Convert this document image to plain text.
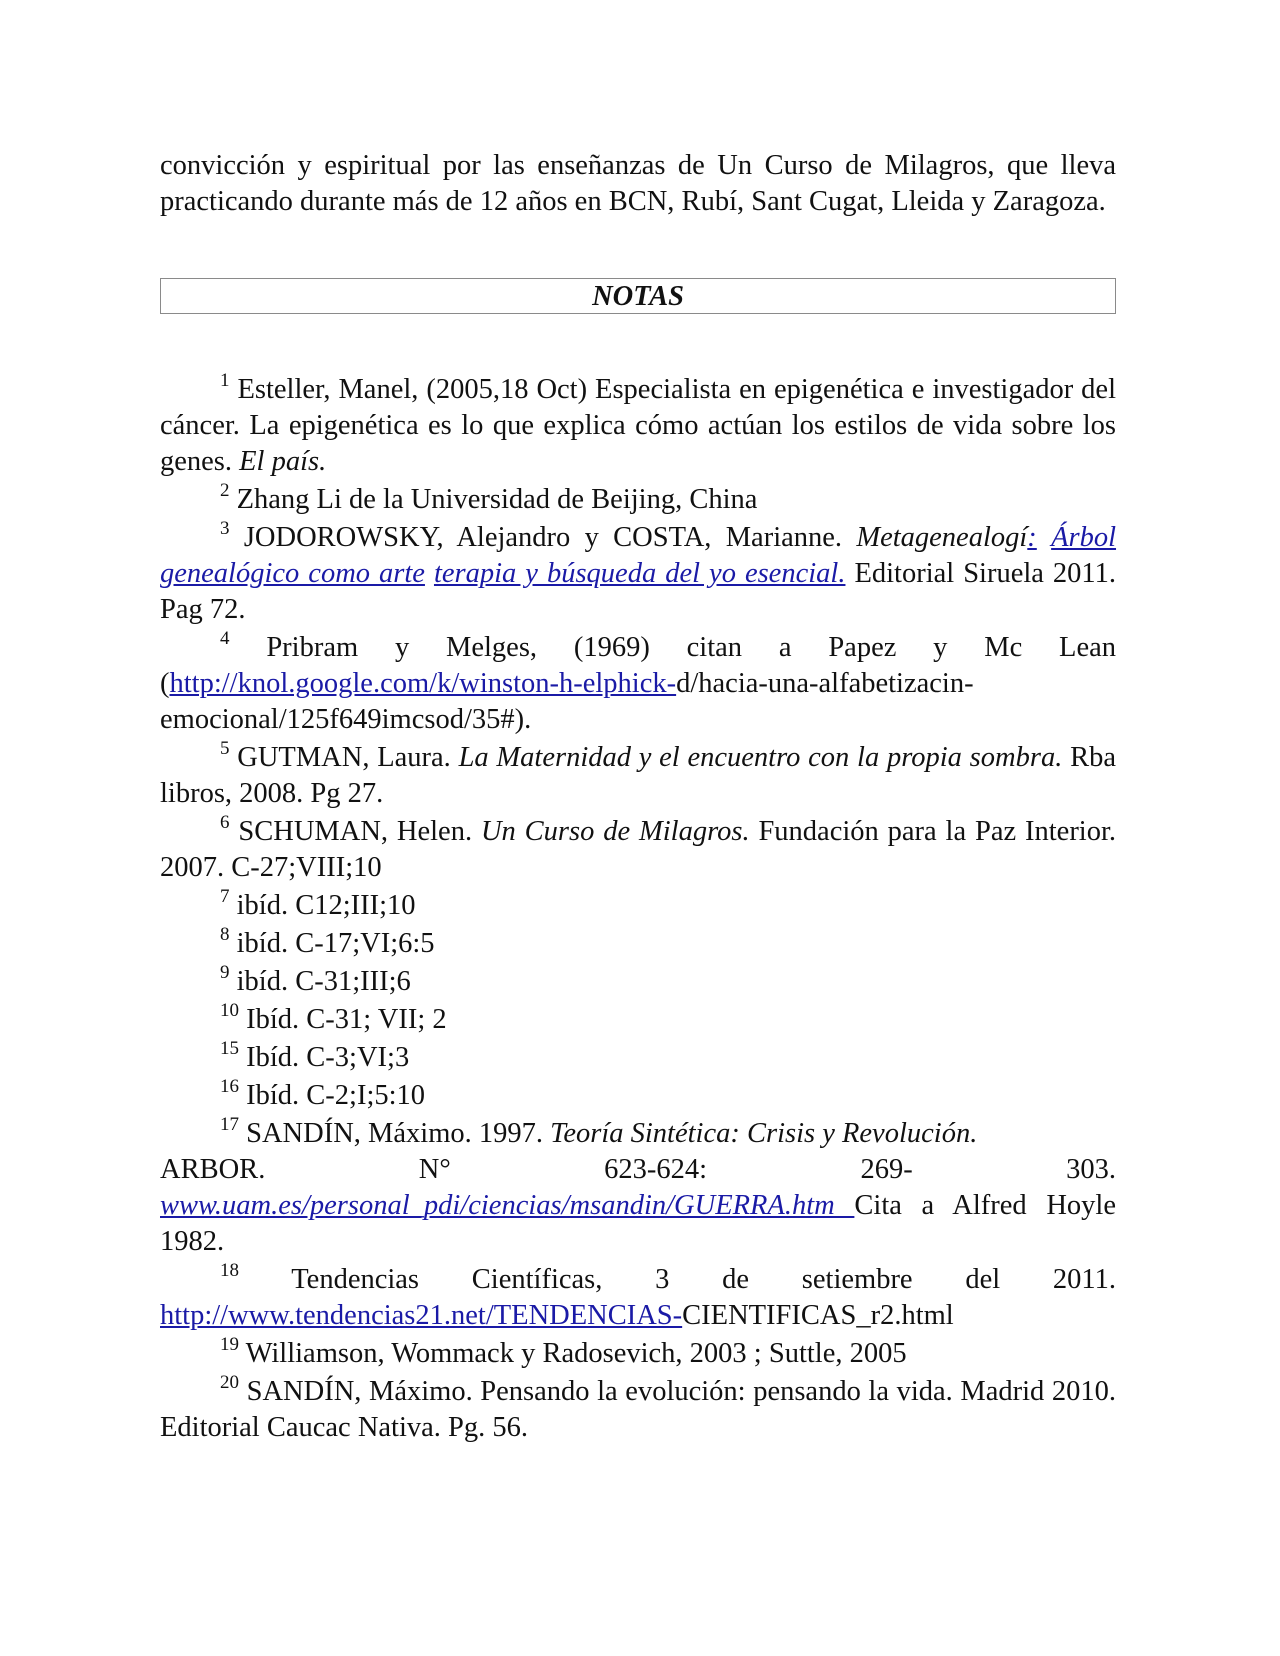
convicción y espiritual por las enseñanzas de Un Curso de Milagros, que lleva practicando durante más de 12 años en BCN, Rubí, Sant Cugat, Lleida y Zaragoza.

NOTAS

$^1$ Esteller, Manel, (2005,18 Oct) Especialista en epigenética e investigador del cáncer. La epigenética es lo que explica cómo actúan los estilos de vida sobre los genes. El país.

$^2$ Zhang Li de la Universidad de Beijing, China

$^3$ JODOROWSKY, Alejandro y COSTA, Marianne. Metagenealogí: Árbol genealógico como arte terapia y búsqueda del yo esencial. Editorial Siruela 2011. Pag 72.

$^4$ Pribram y Melges, (1969) citan a Papez y Mc Lean (http://knol.google.com/k/winston-h-elphick-d/hacia-una-alfabetizacin-emocional/125f649imcsod/35#).

$^5$ GUTMAN, Laura. La Maternidad y el encuentro con la propia sombra. Rba libros, 2008. Pg 27.

$^6$ SCHUMAN, Helen. Un Curso de Milagros. Fundación para la Paz Interior. 2007. C-27;VIII;10

$^7$ ibíd. C12;III;10

$^8$ ibíd. C-17;VI;6:5

$^9$ ibíd. C-31;III;6

$^{10}$ Ibíd. C-31; VII; 2

$^{15}$ Ibíd. C-3;VI;3

$^{16}$ Ibíd. C-2;I;5:10

$^{17}$ SANDÍN, Máximo. 1997. Teoría Sintética: Crisis y Revolución.
ARBOR. N° 623-624: 269- 303.
www.uam.es/personal_pdi/ciencias/msandin/GUERRA.htm Cita a Alfred Hoyle 1982.

$^{18}$ Tendencias Científicas, 3 de setiembre del 2011. http://www.tendencias21.net/TENDENCIAS-CIENTIFICAS_r2.html

$^{19}$ Williamson, Wommack y Radosevich, 2003 ; Suttle, 2005

$^{20}$ SANDÍN, Máximo. Pensando la evolución: pensando la vida. Madrid 2010. Editorial Caucac Nativa. Pg. 56.
